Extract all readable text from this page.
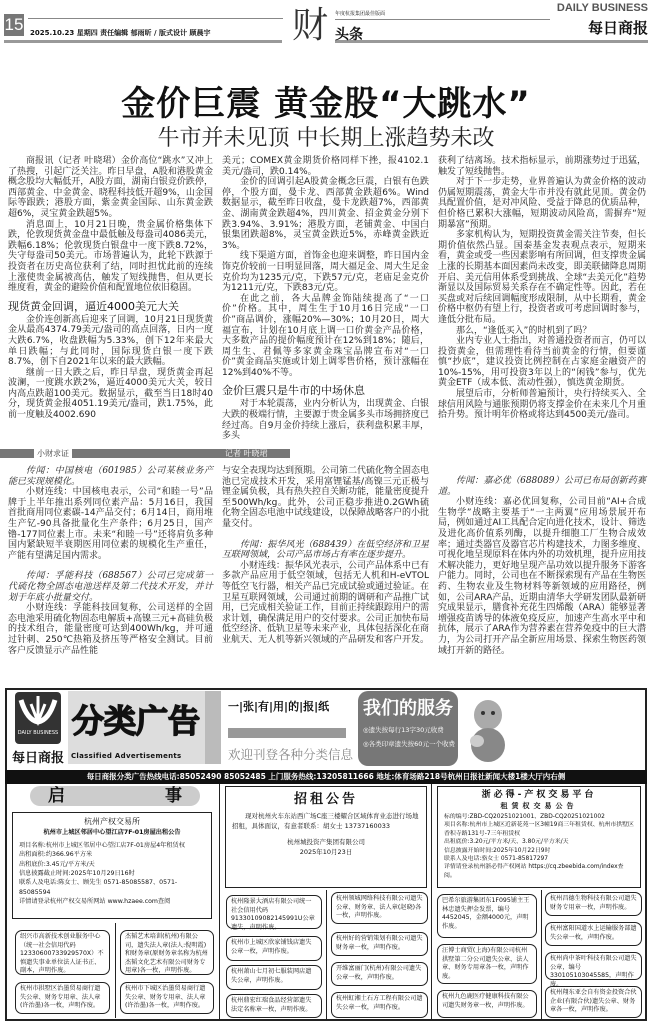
15 2025.10.23 星期四 责任编辑 郁雨昕 / 版式设计 顾晨宇 财 年度杭报集团最佳版面
头条
DAILY BUSINESS
每日商报
金价巨震 黄金股“大跳水”
牛市并未见顶 中长期上涨趋势未改

商报讯（记者 叶晓珺）金价高位“跳水”又冲上了热搜，引起广泛关注。昨日早盘，A股和港股黄金概念股均大幅低开，A股方面，湖南白银竞价跌停，西部黄金、中金黄金、晓程科技低开超9%，山金国际等跟跌；港股方面，紫金黄金国际、山东黄金跌超6%，灵宝黄金跌超5%。

消息面上，10月21日晚，贵金属价格集体下跌，伦敦现货黄金盘中最低触及每盎司4086美元，跌幅6.18%；伦敦现货白银盘中一度下跌8.72%，失守每盎司50美元。市场普遍认为，此轮下跌源于投资者在历史高位获利了结，同时担忧此前的连续上涨使贵金属被高估，触发了短线抛售，但从更长维度看，黄金的避险价值和配置地位依旧稳固。

现货黄金回调，逼近4000美元大关

金价连创新高后迎来了回调，10月21日现货黄金从最高4374.79美元/盎司的高点回落，日内一度大跌6.7%，收盘跌幅为5.33%，创下12年来最大单日跌幅；与此同时，国际现货白银一度下跌8.7%，创下自2021年以来的最大跌幅。

继前一日大跌之后，昨日早盘，现货黄金再起波澜，一度跳水跌2%，逼近4000美元大关，较日内高点跌超100美元。数据显示，截至当日18时40分，现货黄金报4051.19美元/盎司，跌1.75%，此前一度触及4002.690

美元；COMEX黄金期货价格同样下挫，报4102.1美元/盎司，跌0.14%。

金价的回调引起A股黄金概念巨震，白银有色跌停，个股方面，曼卡龙、西部黄金跌超6%。Wind数据显示，截至昨日收盘，曼卡龙跌超7%，西部黄金、湖南黄金跌超4%，四川黄金、招金黄金分别下跌3.94%、3.91%；港股方面，老铺黄金、中国白银集团跌超8%，灵宝黄金跌近5%，赤峰黄金跌近3%。

线下渠道方面，首饰金也迎来调整，昨日国内金饰克价较前一日明显回落，周大福足金、周大生足金克价均为1235元/克，下跌57元/克，老庙足金克价为1211元/克，下跌83元/克。

在此之前，各大品牌金饰陆续提高了“一口价”价格。其中，周生生于10月16日完成“一口价”商品调价，涨幅20%—30%；10月20日，周大福宣布，计划在10月底上调一口价黄金产品价格，大多数产品的提价幅度预计在12%到18%；随后，周生生、君佩等多家黄金珠宝品牌宣布对“一口价”黄金商品实施或计划上调零售价格，预计涨幅在12%到40%不等。

金价巨震只是牛市的中场休息

对于本轮震荡，业内分析认为，出现黄金、白银大跌的极端行情，主要源于贵金属多头市场拥挤度已经过高。自9月金价持续上涨后，获利盘积累丰厚，多头

获利了结离场。技术指标显示，前期涨势过于迅猛，触发了短线抛售。

对于下一步走势，业界普遍认为黄金价格的波动仍属短期震荡，黄金大牛市并没有就此见顶。黄金仍具配置价值，是对冲风险、受益于降息的优质品种，但价格已累积大涨幅，短期波动风险高，需摒弃“短期暴富”预期。

多家机构认为，短期投资黄金需关注节奏，但长期价值依然凸显。国泰基金发表观点表示，短期来看，黄金或受一些因素影响有所回调，但支撑贵金属上涨的长期基本面因素尚未改变，即美联储降息周期开启、美元信用体系受到挑战、全球“去美元化”趋势渐显以及国际贸易关系存在不确定性等。因此，若在买盘或对后续回调幅度形成限制，从中长期看，黄金价格中枢仍有望上行，投资者或可考虑回调时参与，逢低分批布局。

那么，“逢低买入”的时机到了吗？

业内专业人士指出，对普通投资者而言，仍可以投资黄金，但需理性看待当前黄金的行情，但要谨慎“抄底”，建议投资比例控制在占家庭金融资产的10%-15%，用可投资3年以上的“闲钱”参与，优先黄金ETF（成本低、流动性强），慎选黄金期货。

展望后市，分析师普遍预计，央行持续买入、全球信用风险与通胀预期仍将支撑金价在未来几个月重拾升势。预计明年价格或将达到4500美元/盎司。

小财求证	记者 叶晓珺

传闻：中国核电（601985）公司某核业务产能已实现规模化。

小财连线：中国核电表示，公司“和睦一号”品牌于上半年推出系列同位素产品：5月16日，我国首批商用同位素碳-14产品交付；6月14日，商用堆生产钇-90具备批量化生产条件；6月25日，国产镥-177同位素上市。未来“和睦一号”还将肩负多种国内紧缺短半衰期医用同位素的规模化生产重任，产能有望满足国内需求。

传闻：孚能科技（688567）公司已完成第一代硫化物全固态电池送样及第二代技术开发，并计划于年底小批量交付。

小财连线：孚能科技回复称，公司送样的全固态电池采用硫化物固态电解质+高镍三元+高硅负极的技术组合，能量密度可达到400Wh/kg，并可通过针刺、250℃热箱及挤压等严格安全测试。目前客户反馈显示产品性能

与安全表现均达到预期。公司第二代硫化物全固态电池已完成技术开发，采用富锂锰基/高镍三元正极与锂金属负极，具有热失控自关断功能，能量密度提升至500Wh/kg。此外，公司正稳步推进0.2GWh硫化物全固态电池中试线建设，以保障战略客户的小批量交付。

传闻：振华风光（688439）在低空经济和卫星互联网领域，公司产品市场占有率在逐步提升。

小财连线：振华风光表示，公司产品体系中已有多款产品应用于低空领域，包括无人机和H-eVTOL等低空飞行器，相关产品已完成试验或通过验证。在卫星互联网领域，公司通过前期的调研和产品推广试用，已完成相关验证工作，目前正持续跟踪用户的需求计划，确保满足用户的交付要求。公司正加快布局低空经济、低轨卫星等未来产业，具体包括深化在商业航天、无人机等新兴领域的产品研发和客户开发。

传闻：嘉必优（688089）公司已布局创新药赛道。

小财连线：嘉必优回复称，公司目前“AI+合成生物学”战略主要基于“一主两翼”应用场景展开布局，例如通过AI工具配合定向进化技术，设计、筛选及进化高价值系列酶，以提升细胞工厂生物合成效率；通过类器官及器官芯片构建技术，力图多维度、可视化地呈现原料在体内外的功效机理，提升应用技术解决能力，更好地呈现产品功效以提升服务下游客户能力。同时，公司也在不断探索现有产品在生物医药、生物农业及生物材料等新领域的应用路径，例如，公司ARA产品，近期由清华大学研发团队最新研究成果显示，膳食补充花生四烯酸（ARA）能够显著增强疫苗诱导的体液免疫反应，加速产生高水平中和抗体，展示了ARA作为营养素在营养免疫中的巨大潜力，为公司打开产品全新应用场景、探索生物医药领域打开新的路径。

DAILY BUSINESS
每日商报
分类广告
Classified Advertisements
一|张|有|用|的|报|纸
欢迎刊登各种分类信息
我们的服务
◎遗失按每行13字30元收费
◎各类印章遗失按60元一个收费
每日商报分类广告热线电话:85052490 85052485 上门服务热线:13205811666 地址:体育场路218号杭州日报社新闻大楼1楼大厅内右侧
启	事
杭州产权交易所
杭州市上城区邻居中心望江店7F-01房屋出租公告
项目名称:杭州市上城区邻居中心望江店7F-01房屋4年租赁权
出租面积:约366.96平方米
出租底价:3.45元/平方米/天
信息披露截止时间:2025年10月29日16时
联系人及电话:陈女士、顾先生 0571-85085587、0571-85085594
详情请登录杭州产权交易所网站 www.hzaee.com查阅
绍兴市高新技术创业服务中心（统一社会信用代码12330600733929570X）不慎遗失事业单位法人证书正、副本，声明作废。
杰韬艺术培训(杭州)有限公司，遗失法人章(法人:倪明霞)和财务章(原财务章名称为杭州杰韬文化艺术有限公司财务专用章)各一枚，声明作废。
杭州市拱墅区治墨贸易商行遗失公章、财务专用章、法人章(许治墨)各一枚，声明作废。
杭州市下城区治墨贸易商行遗失公章、财务专用章、法人章(许治墨)各一枚，声明作废。
招租公告
现对杭州火车东站西广场C座三楼耀合区域体育业态进行场地招租，具体面议，有意者联系：胡女士 13737160033
杭州城投资产集团有限公司
2025年10月23日
杭州隆景大酒店有限公司统一社会信用代码91330109082145991U公章遗失，声明作废。
杭州市上城区欣家铺钱店遗失公章一枚，声明作废。
杭州萧山七月初七服装网店遗失公章，声明作废。
杭州鼎宏红瑞食品经营部遗失法定名称章一枚，声明作废。
杭州领城网络科技有限公司遗失公章、财务章、法人章(赵晓)各一枚，声明作废。
杭州好的营销策划有限公司遗失财务章一枚，声明作废。
开维富丽门(杭州)有限公司遗失公章一枚，声明作废。
杭州虹湘土石方工程有限公司遗失公章一枚，声明作废。
浙必得-产权交易平台
租赁权交易公告
标的编号:ZBD-CQ20251021001、ZBD-CQ20251021002
项目名称:杭州市上城区近新花苑一区3幢19商三年租赁权、杭州市拱墅区香积寺路131号-7三年租赁权
出租底价:3.20元/平方米/天、3.80元/平方米/天
信息披露开始时间:2025年10月22日9时
联系人及电话:骆女士 0571-85817297
详情请登录杭州浙必得产权网站 https://cq.zbeebida.com/index查阅。
巴希尔旅游集团东1F095铺主王林忠遗失押金发票，编号4452045，金额4000元，声明作废。
汪博士商贸(上海)有限公司杭州拱墅第二分公司遗失公章、法人章、财务专用章各一枚，声明作废。
杭州九色鹿医疗健康科技有限公司遗失财务章一枚，声明作废。
杭州昌德生物科技有限公司遗失财务专用章一枚，声明作废。
杭州富阳国道水上运输服务部遗失公章一枚，声明作废。
杭州尚中茶叶科技有限公司遗失公章，编号330105103045585，声明作废。
杭州翔东亚会自有资金投资合伙企业(有限合伙)遗失公章、财务章各一枚，声明作废。
